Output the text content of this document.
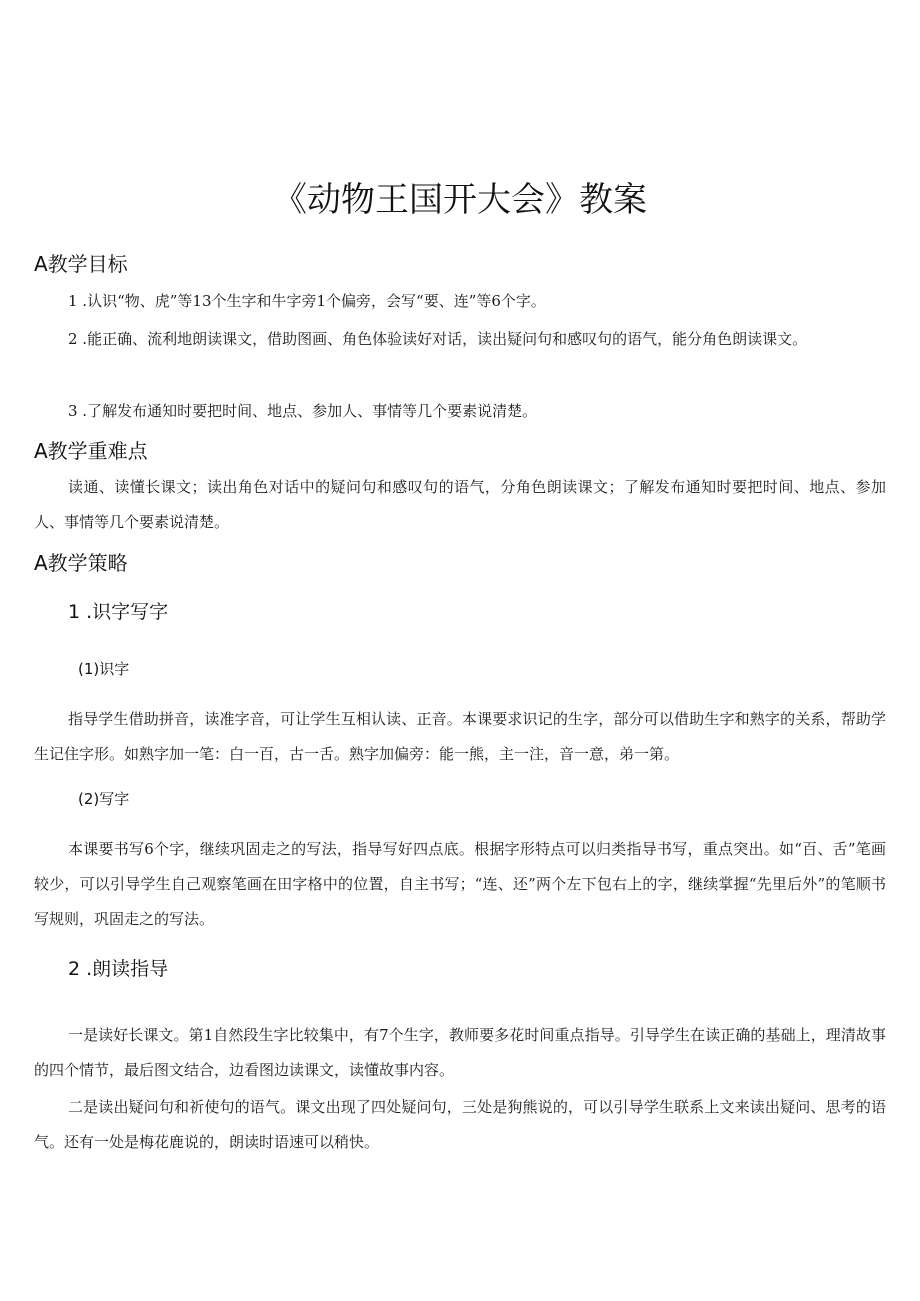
《动物王国开大会》教案
A教学目标
1 .认识“物、虎”等13个生字和牛字旁1个偏旁，会写“要、连”等6个字。
2 .能正确、流利地朗读课文，借助图画、角色体验读好对话，读出疑问句和感叹句的语气，能分角色朗读课文。
3 .了解发布通知时要把时间、地点、参加人、事情等几个要素说清楚。
A教学重难点
读通、读懂长课文；读出角色对话中的疑问句和感叹句的语气，分角色朗读课文；了解发布通知时要把时间、地点、参加人、事情等几个要素说清楚。
A教学策略
1 .识字写字
(1)识字
指导学生借助拼音，读准字音，可让学生互相认读、正音。本课要求识记的生字，部分可以借助生字和熟字的关系，帮助学生记住字形。如熟字加一笔：白一百，古一舌。熟字加偏旁：能一熊，主一注，音一意，弟一第。
(2)写字
本课要书写6个字，继续巩固走之的写法，指导写好四点底。根据字形特点可以归类指导书写，重点突出。如“百、舌”笔画较少，可以引导学生自己观察笔画在田字格中的位置，自主书写；“连、还”两个左下包右上的字，继续掌握“先里后外”的笔顺书写规则，巩固走之的写法。
2 .朗读指导
一是读好长课文。第1自然段生字比较集中，有7个生字，教师要多花时间重点指导。引导学生在读正确的基础上，理清故事的四个情节，最后图文结合，边看图边读课文，读懂故事内容。
二是读出疑问句和祈使句的语气。课文出现了四处疑问句，三处是狗熊说的，可以引导学生联系上文来读出疑问、思考的语气。还有一处是梅花鹿说的，朗读时语速可以稍快。
